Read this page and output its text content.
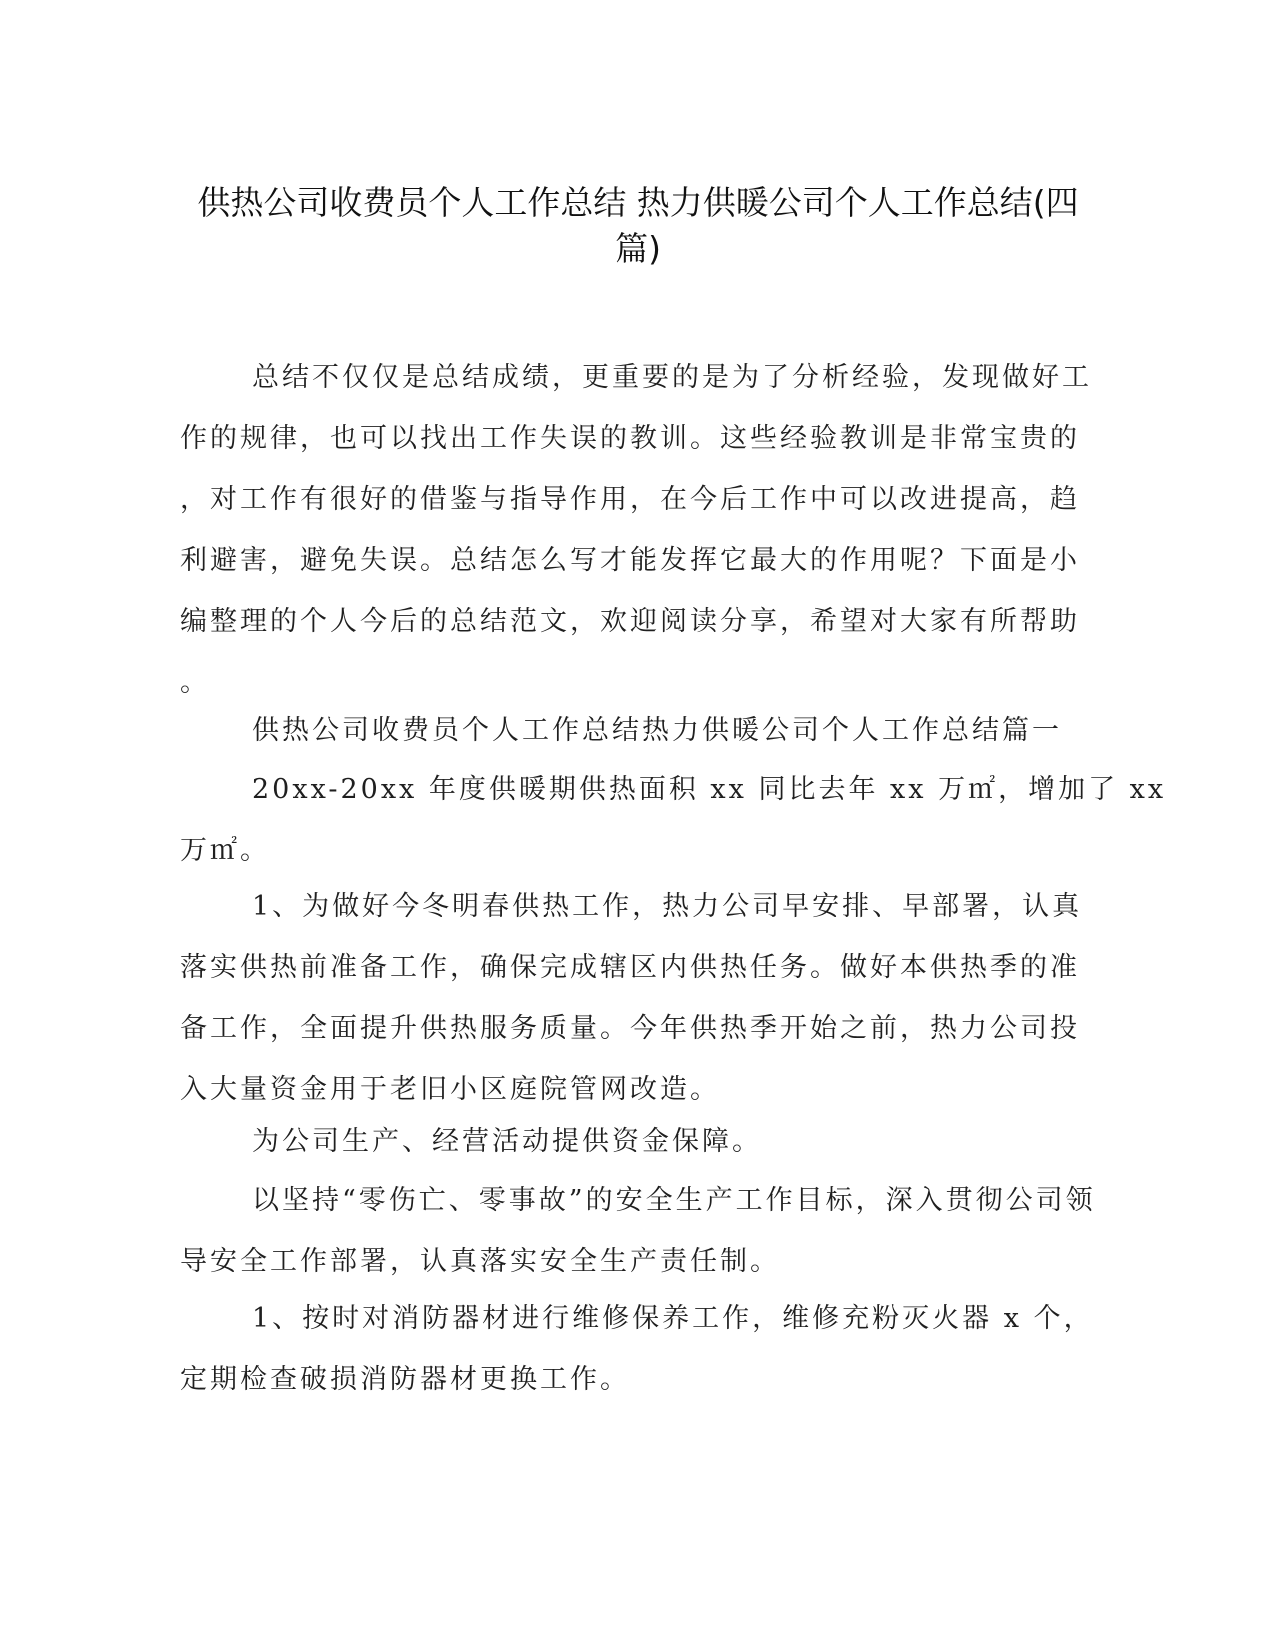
供热公司收费员个人工作总结 热力供暖公司个人工作总结(四
篇)
总结不仅仅是总结成绩，更重要的是为了分析经验，发现做好工
作的规律，也可以找出工作失误的教训。这些经验教训是非常宝贵的
，对工作有很好的借鉴与指导作用，在今后工作中可以改进提高，趋
利避害，避免失误。总结怎么写才能发挥它最大的作用呢？下面是小
编整理的个人今后的总结范文，欢迎阅读分享，希望对大家有所帮助
。
供热公司收费员个人工作总结热力供暖公司个人工作总结篇一
20xx-20xx 年度供暖期供热面积 xx 同比去年 xx 万㎡，增加了 xx
万㎡。
1、为做好今冬明春供热工作，热力公司早安排、早部署，认真
落实供热前准备工作，确保完成辖区内供热任务。做好本供热季的准
备工作，全面提升供热服务质量。今年供热季开始之前，热力公司投
入大量资金用于老旧小区庭院管网改造。
为公司生产、经营活动提供资金保障。
以坚持“零伤亡、零事故”的安全生产工作目标，深入贯彻公司领
导安全工作部署，认真落实安全生产责任制。
1、按时对消防器材进行维修保养工作，维修充粉灭火器 x 个，
定期检查破损消防器材更换工作。
